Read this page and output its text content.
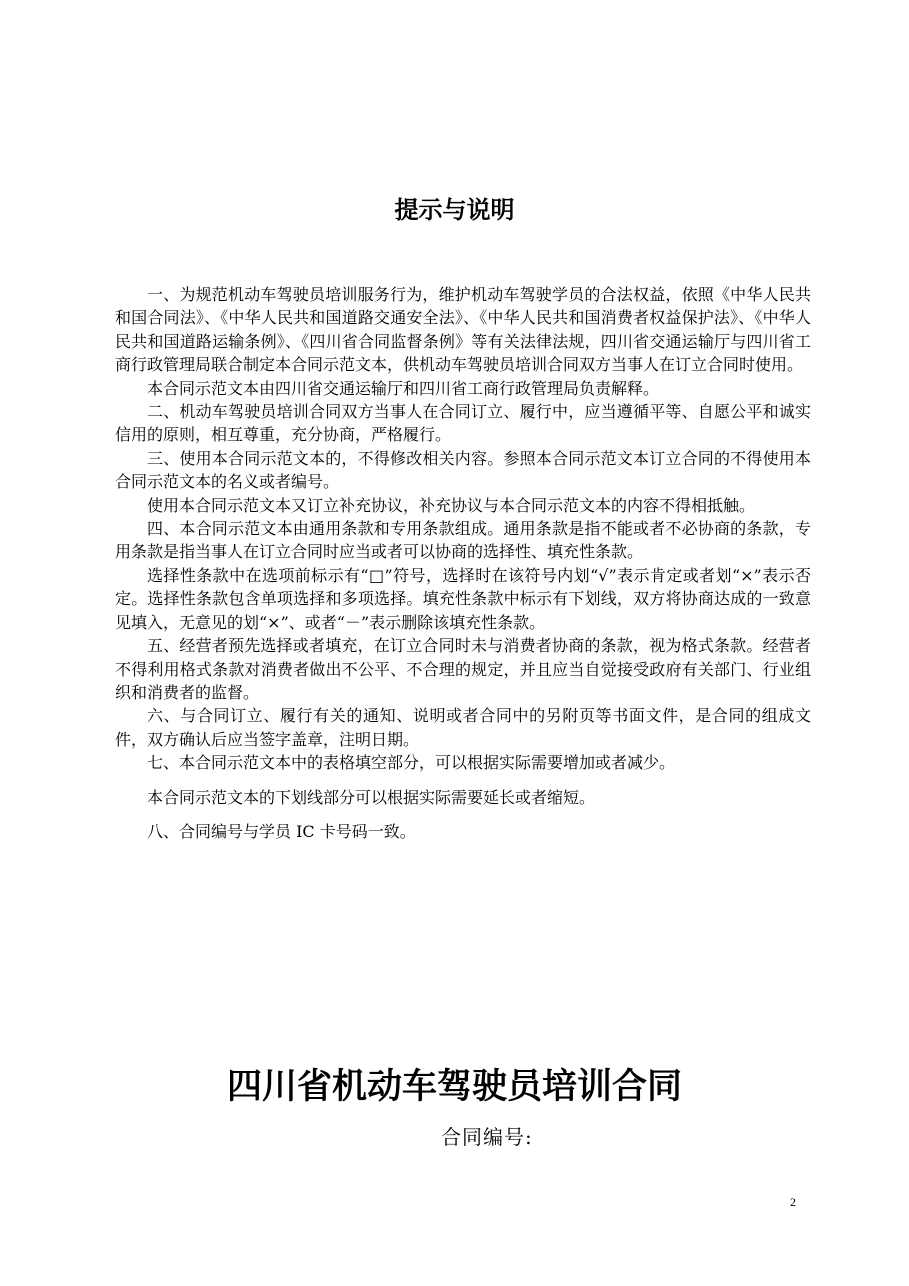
提示与说明

一、为规范机动车驾驶员培训服务行为，维护机动车驾驶学员的合法权益，依照《中华人民共和国合同法》、《中华人民共和国道路交通安全法》、《中华人民共和国消费者权益保护法》、《中华人民共和国道路运输条例》、《四川省合同监督条例》等有关法律法规，四川省交通运输厅与四川省工商行政管理局联合制定本合同示范文本，供机动车驾驶员培训合同双方当事人在订立合同时使用。

本合同示范文本由四川省交通运输厅和四川省工商行政管理局负责解释。

二、机动车驾驶员培训合同双方当事人在合同订立、履行中，应当遵循平等、自愿公平和诚实信用的原则，相互尊重，充分协商，严格履行。

三、使用本合同示范文本的，不得修改相关内容。参照本合同示范文本订立合同的不得使用本合同示范文本的名义或者编号。

使用本合同示范文本又订立补充协议，补充协议与本合同示范文本的内容不得相抵触。

四、本合同示范文本由通用条款和专用条款组成。通用条款是指不能或者不必协商的条款，专用条款是指当事人在订立合同时应当或者可以协商的选择性、填充性条款。

选择性条款中在选项前标示有“□”符号，选择时在该符号内划“√”表示肯定或者划“×”表示否定。选择性条款包含单项选择和多项选择。填充性条款中标示有下划线，双方将协商达成的一致意见填入，无意见的划“×”、或者“－”表示删除该填充性条款。

五、经营者预先选择或者填充，在订立合同时未与消费者协商的条款，视为格式条款。经营者不得利用格式条款对消费者做出不公平、不合理的规定，并且应当自觉接受政府有关部门、行业组织和消费者的监督。

六、与合同订立、履行有关的通知、说明或者合同中的另附页等书面文件，是合同的组成文件，双方确认后应当签字盖章，注明日期。

七、本合同示范文本中的表格填空部分，可以根据实际需要增加或者减少。

本合同示范文本的下划线部分可以根据实际需要延长或者缩短。

八、合同编号与学员 IC 卡号码一致。

四川省机动车驾驶员培训合同
合同编号:
2
